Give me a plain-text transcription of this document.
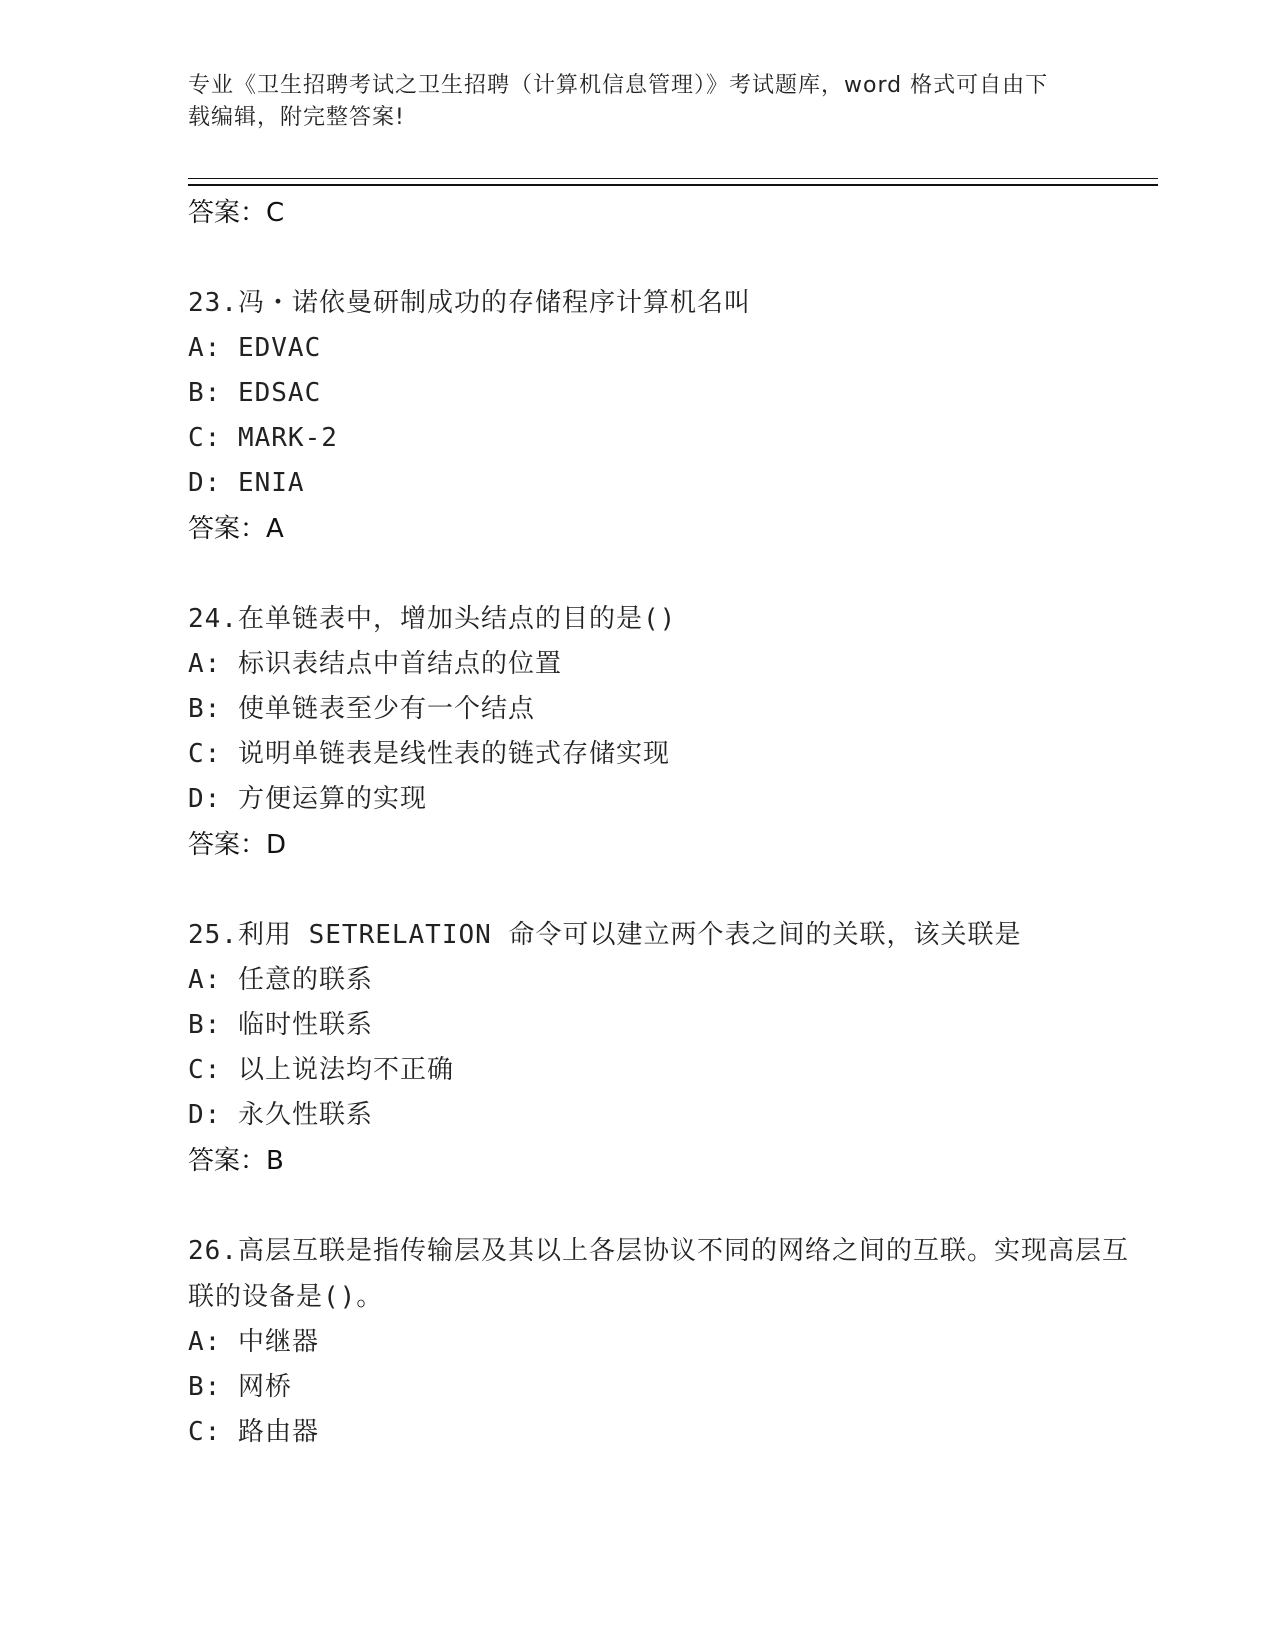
专业《卫生招聘考试之卫生招聘（计算机信息管理）》考试题库，word 格式可自由下载编辑，附完整答案!
答案：C
23.冯・诺依曼研制成功的存储程序计算机名叫
A: EDVAC
B: EDSAC
C: MARK-2
D: ENIA
答案：A
24.在单链表中，增加头结点的目的是()
A: 标识表结点中首结点的位置
B: 使单链表至少有一个结点
C: 说明单链表是线性表的链式存储实现
D: 方便运算的实现
答案：D
25.利用 SETRELATION 命令可以建立两个表之间的关联，该关联是
A: 任意的联系
B: 临时性联系
C: 以上说法均不正确
D: 永久性联系
答案：B
26.高层互联是指传输层及其以上各层协议不同的网络之间的互联。实现高层互联的设备是()。
A: 中继器
B: 网桥
C: 路由器
